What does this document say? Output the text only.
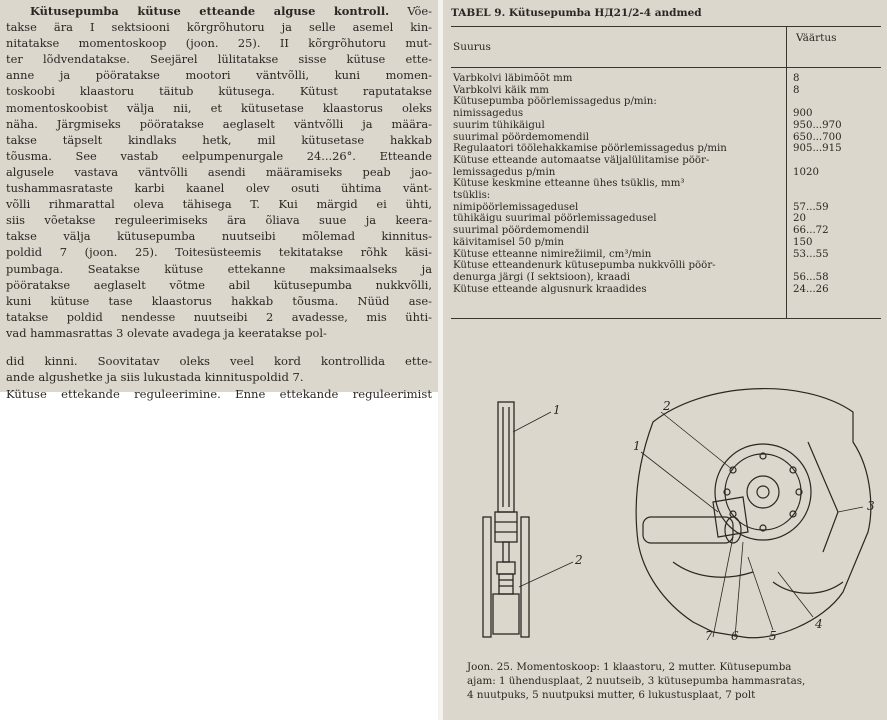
Kütusepumba kütuse etteande alguse kontroll. Võe-
takse ära I sektsiooni kõrgrõhutoru ja selle asemel kin-
nitatakse momentoskoop (joon. 25). II kõrgrõhutoru mut-
ter lõdvendatakse. Seejärel lülitatakse sisse kütuse ette-
anne ja pööratakse mootori väntvõlli, kuni momen-
toskoobi klaastoru täitub kütusega. Kütust raputatakse
momentoskoobist välja nii, et kütusetase klaastorus oleks
näha. Järgmiseks pööratakse aeglaselt väntvõlli ja määra-
takse täpselt kindlaks hetk, mil kütusetase hakkab
tõusma. See vastab eelpumpenurgale 24...26°. Etteande
algusele vastava väntvõlli asendi määramiseks peab jao-
tushammasrataste karbi kaanel olev osuti ühtima vänt-
võlli rihmarattal oleva tähisega T. Kui märgid ei ühti,
siis võetakse reguleerimiseks ära õliava suue ja keera-
takse välja kütusepumba nuutseibi mõlemad kinnitus-
poldid 7 (joon. 25). Toitesüsteemis tekitatakse rõhk käsi-
pumbaga. Seatakse kütuse ettekanne maksimaalseks ja
pööratakse aeglaselt võtme abil kütusepumba nukkvõlli,
kuni kütuse tase klaastorus hakkab tõusma. Nüüd ase-
tatakse poldid nendesse nuutseibi 2 avadesse, mis ühti-
vad hammasrattas 3 olevate avadega ja keeratakse pol-
did kinni. Soovitatav oleks veel kord kontrollida ette-
ande algushetke ja siis lukustada kinnituspoldid 7.
Kütuse ettekande reguleerimine. Enne ettekande reguleerimist
TABEL 9. Kütusepumba НД21/2-4 andmed
Suurus
Väärtus
Varbkolvi läbimõõt mm	8
Varbkolvi käik mm	8
Kütusepumba pöörlemissagedus p/min:
nimissagedus	900
suurim tühikäigul	950...970
suurimal pöördemomendil	650...700
Regulaatori töölehakkamise pöörlemissagedus p/min	905...915
Kütuse etteande automaatse väljalülitamise pöör-
lemissagedus p/min	1020
Kütuse keskmine etteanne ühes tsüklis, mm³
tsüklis:
nimipöörlemissagedusel	57...59
tühikäigu suurimal pöörlemissagedusel	20
suurimal pöördemomendil	66...72
käivitamisel 50 p/min	150
Kütuse etteanne nimirežiimil, cm³/min	53...55
Kütuse etteandenurk kütusepumba nukkvõlli pöör-
denurga järgi (I sektsioon), kraadi	56...58
Kütuse etteande algusnurk kraadides	24...26
1
2
2
1
3
4
5
6
7
Joon. 25. Momentoskoop: 1 klaastoru, 2 mutter. Kütusepumba
ajam: 1 ühendusplaat, 2 nuutseib, 3 kütusepumba hammasratas,
4 nuutpuks, 5 nuutpuksi mutter, 6 lukustusplaat, 7 polt
